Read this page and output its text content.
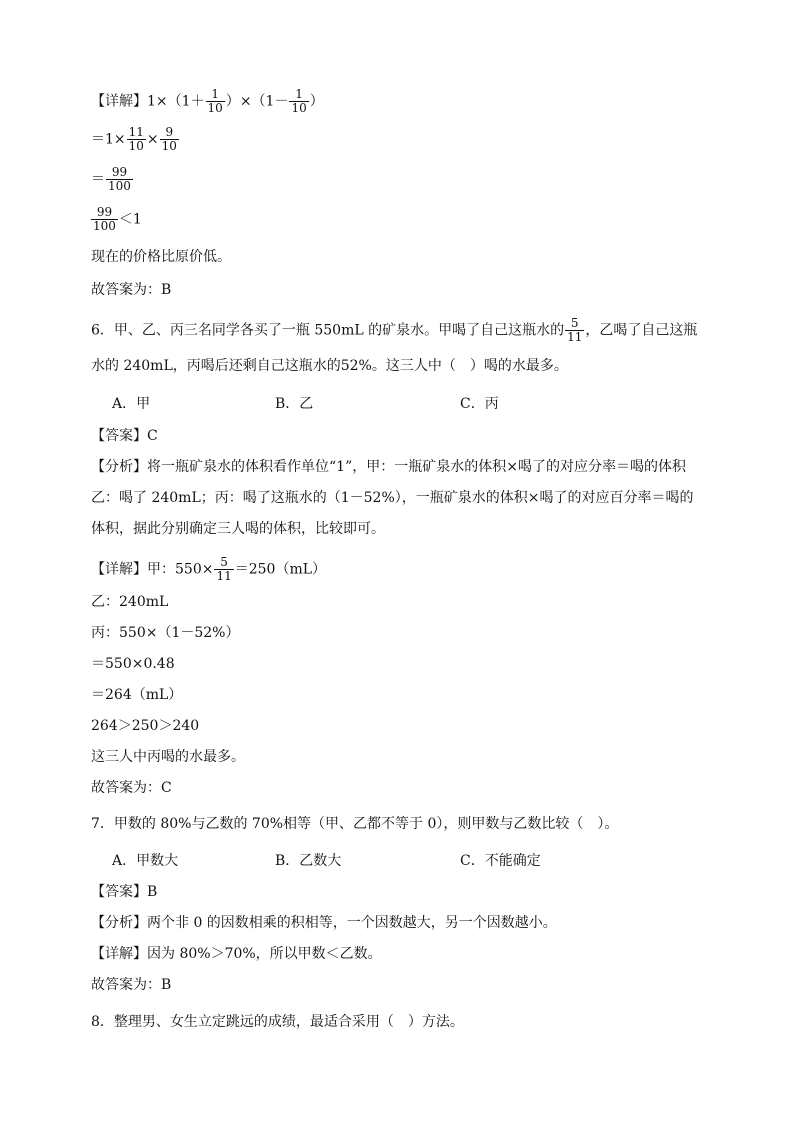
【详解】$1\times(1+ \frac{1}{10} )\times(1- \frac{1}{10}$ ）
$=1\times \frac{11}{10} \times \frac{9}{10}$
＝ $\frac{99}{100}$
$\frac{99}{100} <1$
现在的价格比原价低。
故答案为：B
6．甲、乙、丙三名同学各买了一瓶 550mL 的矿泉水。甲喝了自己这瓶水的 $\frac{5}{11}$ ，乙喝了自己这瓶
水的 240mL，丙喝后还剩自己这瓶水的52%。这三人中（　）喝的水最多。
A．甲	B．乙	C．丙
【答案】C
【分析】将一瓶矿泉水的体积看作单位“1”，甲：一瓶矿泉水的体积×喝了的对应分率＝喝的体积
乙：喝了 240mL；丙：喝了这瓶水的（1－52%），一瓶矿泉水的体积×喝了的对应百分率＝喝的
体积，据此分别确定三人喝的体积，比较即可。
【详解】甲：$550\times \frac{5}{11} =250(mL)$
乙：240mL
丙：550×（1－52%）
＝550×0.48
＝264（mL）
264＞250＞240
这三人中丙喝的水最多。
故答案为：C
7．甲数的 80%与乙数的 70%相等（甲、乙都不等于 0），则甲数与乙数比较（　）。
A．甲数大	B．乙数大	C．不能确定
【答案】B
【分析】两个非 0 的因数相乘的积相等，一个因数越大，另一个因数越小。
【详解】因为 80%＞70%，所以甲数＜乙数。
故答案为：B
8．整理男、女生立定跳远的成绩，最适合采用（　）方法。
